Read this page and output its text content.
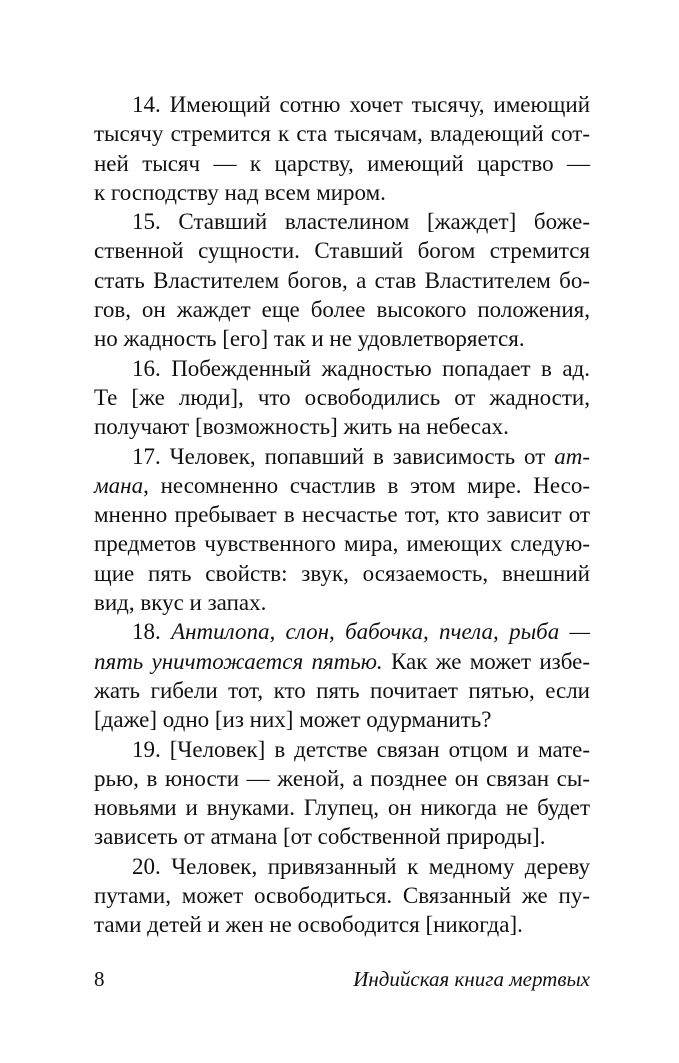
14. Имеющий сотню хочет тысячу, имеющий
тысячу стремится к ста тысячам, владеющий сот-
ней тысяч — к царству, имеющий царство —
к господству над всем миром.
15. Ставший властелином [жаждет] боже-
ственной сущности. Ставший богом стремится
стать Властителем богов, а став Властителем бо-
гов, он жаждет еще более высокого положения,
но жадность [его] так и не удовлетворяется.
16. Побежденный жадностью попадает в ад.
Те [же люди], что освободились от жадности,
получают [возможность] жить на небесах.
17. Человек, попавший в зависимость от ат-
мана, несомненно счастлив в этом мире. Несо-
мненно пребывает в несчастье тот, кто зависит от
предметов чувственного мира, имеющих следую-
щие пять свойств: звук, осязаемость, внешний
вид, вкус и запах.
18. Антилопа, слон, бабочка, пчела, рыба —
пять уничтожается пятью. Как же может избе-
жать гибели тот, кто пять почитает пятью, если
[даже] одно [из них] может одурманить?
19. [Человек] в детстве связан отцом и мате-
рью, в юности — женой, а позднее он связан сы-
новьями и внуками. Глупец, он никогда не будет
зависеть от атмана [от собственной природы].
20. Человек, привязанный к медному дереву
путами, может освободиться. Связанный же пу-
тами детей и жен не освободится [никогда].
8	Индийская книга мертвых
